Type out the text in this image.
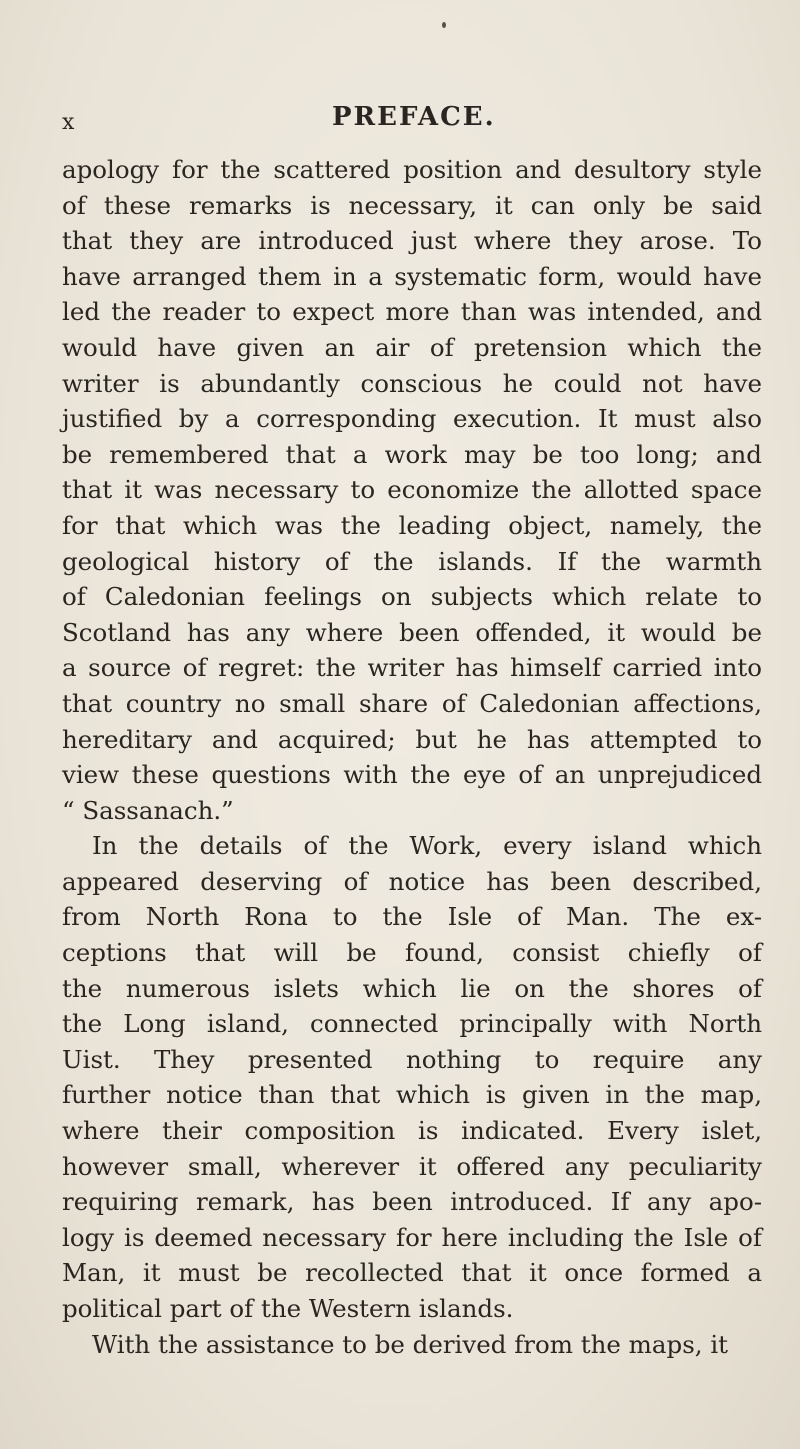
x	PREFACE.
apology for the scattered position and desultory style
of these remarks is necessary, it can only be said
that they are introduced just where they arose. To
have arranged them in a systematic form, would have
led the reader to expect more than was intended, and
would have given an air of pretension which the
writer is abundantly conscious he could not have
justified by a corresponding execution. It must also
be remembered that a work may be too long; and
that it was necessary to economize the allotted space
for that which was the leading object, namely, the
geological history of the islands. If the warmth
of Caledonian feelings on subjects which relate to
Scotland has any where been offended, it would be
a source of regret: the writer has himself carried into
that country no small share of Caledonian affections,
hereditary and acquired; but he has attempted to
view these questions with the eye of an unprejudiced
“ Sassanach.”
In the details of the Work, every island which
appeared deserving of notice has been described,
from North Rona to the Isle of Man. The ex-
ceptions that will be found, consist chiefly of
the numerous islets which lie on the shores of
the Long island, connected principally with North
Uist. They presented nothing to require any
further notice than that which is given in the map,
where their composition is indicated. Every islet,
however small, wherever it offered any peculiarity
requiring remark, has been introduced. If any apo-
logy is deemed necessary for here including the Isle of
Man, it must be recollected that it once formed a
political part of the Western islands.
With the assistance to be derived from the maps, it
